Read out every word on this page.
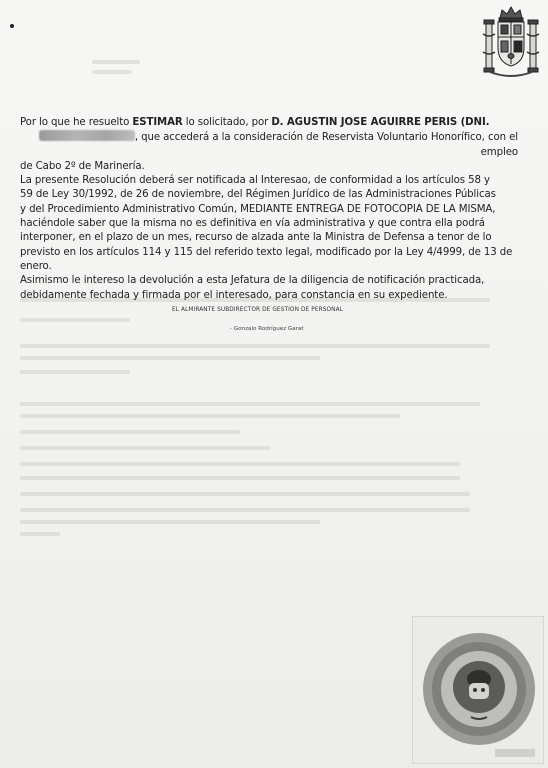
Por lo que he resuelto ESTIMAR lo solicitado, por D. AGUSTIN JOSE AGUIRRE PERIS (DNI.

, que accederá a la consideración de Reservista Voluntario Honorífico, con el empleo

de Cabo 2º de Marinería.

La presente Resolución deberá ser notificada al Interesao, de conformidad a los artículos 58 y

59 de Ley 30/1992, de 26 de noviembre, del Régimen Jurídico de las Administraciones Públicas

y del Procedimiento Administrativo Común, MEDIANTE ENTREGA DE FOTOCOPIA DE LA MISMA,

haciéndole saber que la misma no es definitiva en vía administrativa y que contra ella podrá

interponer, en el plazo de un mes, recurso de alzada ante la Ministra de Defensa a tenor de lo

previsto en los artículos 114 y 115 del referido texto legal, modificado por la Ley 4/4999, de 13 de

enero.

Asimismo le intereso la devolución a esta Jefatura de la diligencia de notificación practicada,

debidamente fechada y firmada por el interesado, para constancia en su expediente.

EL ALMIRANTE SUBDIRECTOR DE GESTION DE PERSONAL
- Gonzalo Rodríguez Garat
